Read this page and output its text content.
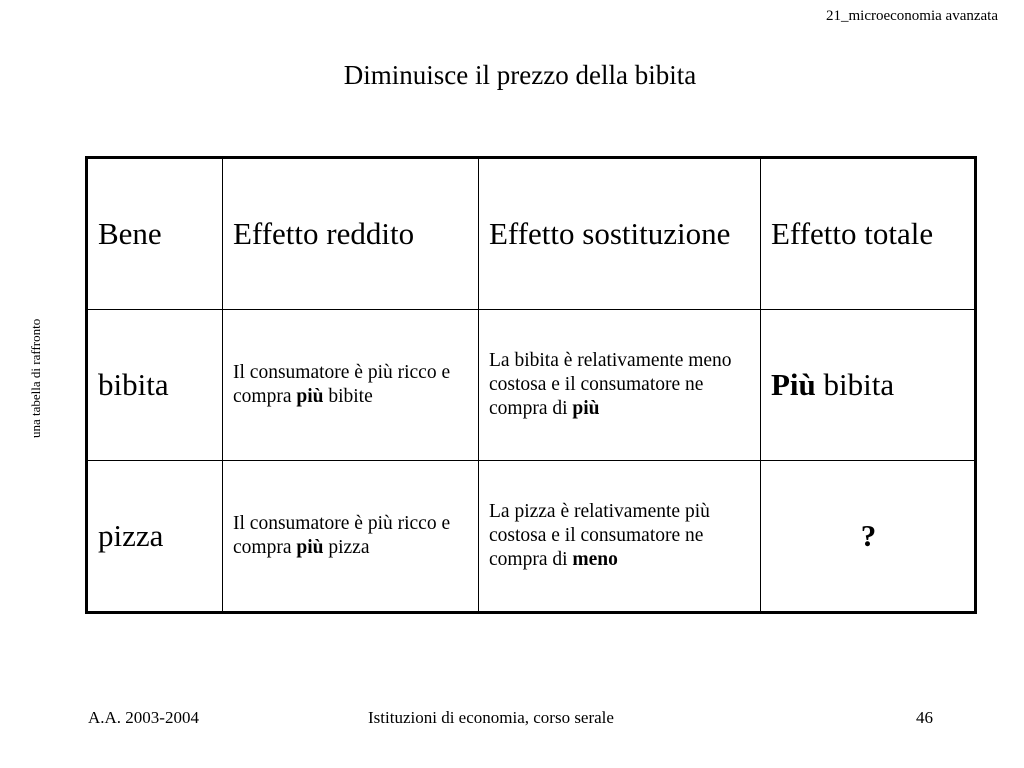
21_microeconomia avanzata
Diminuisce il prezzo della bibita
una tabella di raffronto
Bene	Effetto reddito	Effetto sostituzione	Effetto totale
bibita	Il consumatore è più ricco e compra più bibite	La bibita è relativamente meno costosa e il consumatore ne compra di più	Più bibita
pizza	Il consumatore è più ricco e compra più pizza	La pizza è relativamente più costosa e il consumatore ne compra di meno	?
A.A. 2003-2004	Istituzioni di economia, corso serale	46
